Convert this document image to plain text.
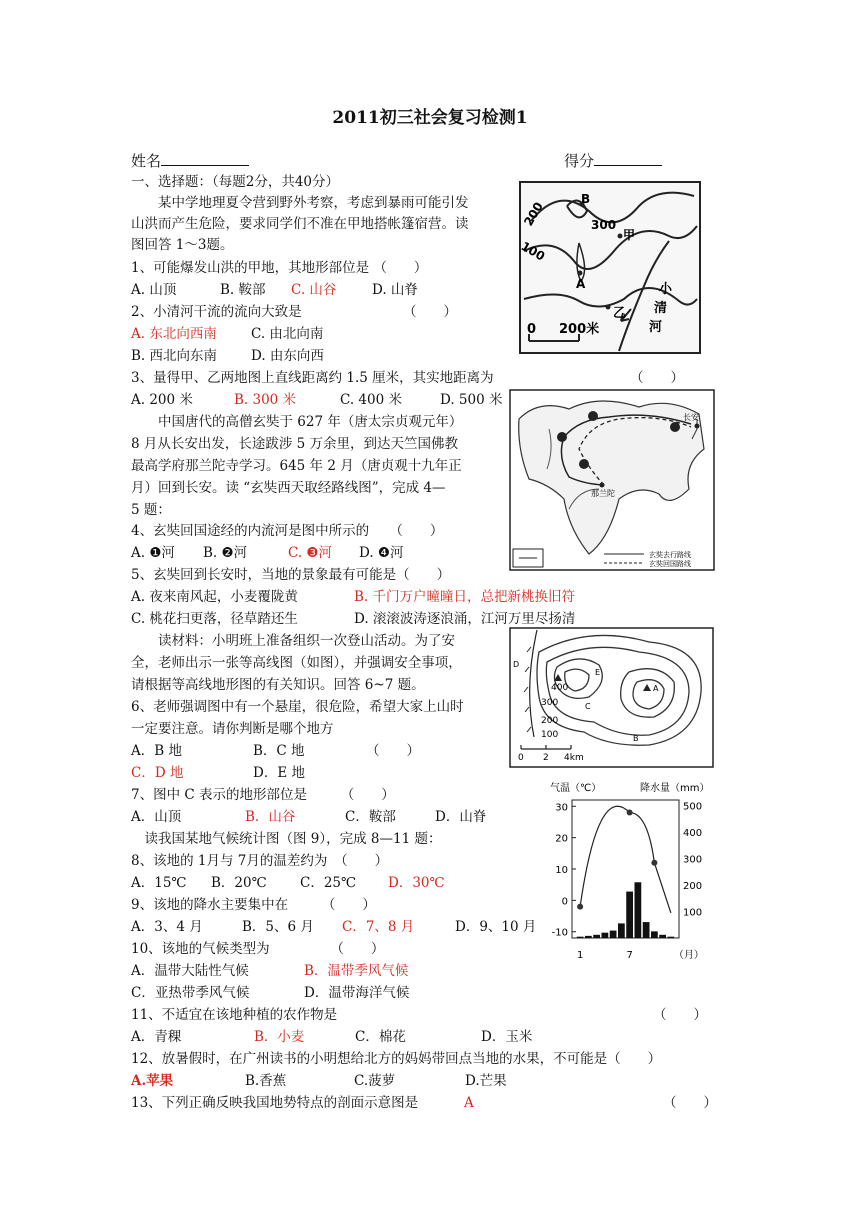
2011初三社会复习检测1
姓名	得分
一、选择题：（每题2分，共40分）
　　某中学地理夏令营到野外考察，考虑到暴雨可能引发
山洪而产生危险，要求同学们不准在甲地搭帐篷宿营。读
图回答 1～3题。
1、可能爆发山洪的甲地，其地形部位是 （　　）
A. 山顶	B. 鞍部 C. 山谷	D. 山脊
2、小清河干流的流向大致是	（　　）
A. 东北向西南	C. 由北向南
B. 西北向东南	D. 由东向西
3、量得甲、乙两地图上直线距离约 1.5 厘米，其实地距离为	（　　）
A. 200 米	B. 300 米	C. 400 米	D. 500 米
　　中国唐代的高僧玄奘于 627 年（唐太宗贞观元年）
8 月从长安出发，长途跋涉 5 万余里，到达天竺国佛教
最高学府那兰陀寺学习。645 年 2 月（唐贞观十九年正
月）回到长安。读 “玄奘西天取经路线图”，完成 4—
5 题：
4、玄奘回国途经的内流河是图中所示的　　（　　）
A. ❶河 B. ❷河	C. ❸河 D. ❹河
5、玄奘回到长安时，当地的景象最有可能是（　　）
A. 夜来南风起，小麦覆陇黄	B. 千门万户曈曈日，总把新桃换旧符
C. 桃花扫更落，径草踏还生	D. 滚滚波涛逐浪涌，江河万里尽扬清
　　读材料：小明班上准备组织一次登山活动。为了安
全，老师出示一张等高线图（如图），并强调安全事项，
请根据等高线地形图的有关知识。回答 6~7 题。
6、老师强调图中有一个悬崖，很危险，希望大家上山时
一定要注意。请你判断是哪个地方
A．B 地	B．C 地	（　　）
C．D 地	D．E 地
7、图中 C 表示的地形部位是　　　（　　）
A．山顶	B．山谷	C．鞍部	D．山脊
　读我国某地气候统计图（图 9），完成 8—11 题：
8、该地的 1月与 7月的温差约为　（　　）
A．15℃ B．20℃ C．25℃ D．30℃
9、该地的降水主要集中在　　　（　　）
A．3、4 月	B．5、6 月 C．7、8 月	D．9、10 月
10、该地的气候类型为　　　　　（　　）
A．温带大陆性气候	B．温带季风气候
C．亚热带季风气候	D．温带海洋气候
11、不适宜在该地种植的农作物是	（　　）
A．青稞	B．小麦	C．棉花	D．玉米
12、放暑假时，在广州读书的小明想给北方的妈妈带回点当地的水果，不可能是（　　）
A.苹果	B.香蕉	C.菠萝	D.芒果
13、下列正确反映我国地势特点的剖面示意图是	A	（　　）
B
300
甲
200
100
A
乙
小
清
河
0 200米
长安
那兰陀
玄奘去行路线
玄奘回国路线
D
E
400
300
200
100
C
A
B
0 2 4km
气温（℃）	降水量（mm）
30
20
10
0
-10
500
400
300
200
100
1	7	（月）
